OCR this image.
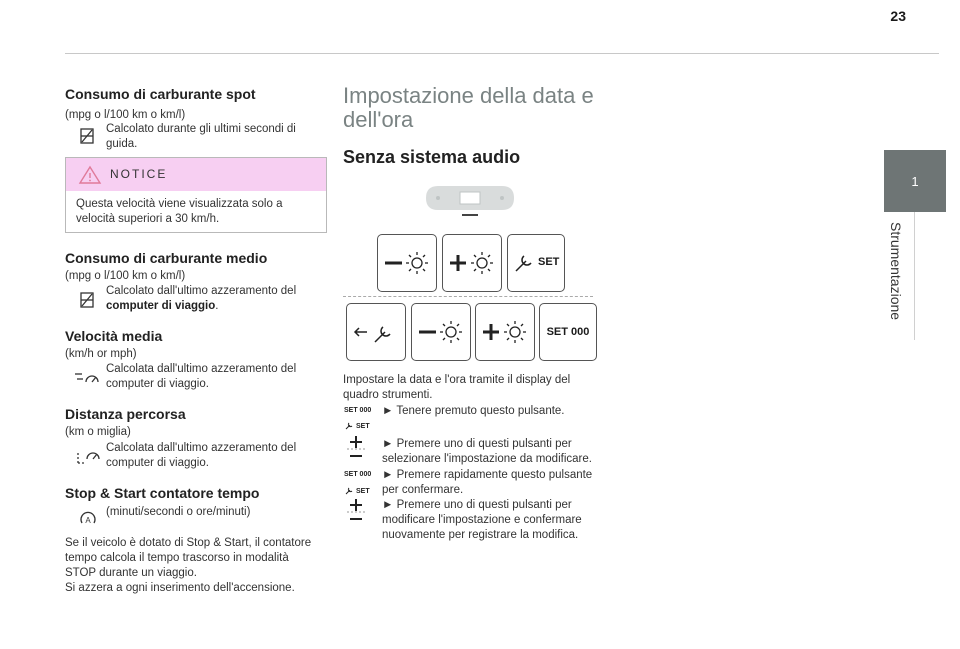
23
1
Strumentazione
Consumo di carburante spot
(mpg o l/100 km o km/l)
Calcolato durante gli ultimi secondi di guida.
NOTICE
Questa velocità viene visualizzata solo a velocità superiori a 30 km/h.
Consumo di carburante medio
(mpg o l/100 km o km/l)
Calcolato dall'ultimo azzeramento del computer di viaggio.
Velocità media
(km/h or mph)
Calcolata dall'ultimo azzeramento del computer di viaggio.
Distanza percorsa
(km o miglia)
Calcolata dall'ultimo azzeramento del computer di viaggio.
Stop & Start contatore tempo
A
(minuti/secondi o ore/minuti)
Se il veicolo è dotato di Stop & Start, il contatore
tempo calcola il tempo trascorso in modalità
STOP durante un viaggio.
Si azzera a ogni inserimento dell'accensione.
Impostazione della data e dell'ora
Senza sistema audio
SET
SET 000
Impostare la data e l'ora tramite il display del quadro strumenti.
SET 000
SET
SET 000
SET
► Tenere premuto questo pulsante.
► Premere uno di questi pulsanti per selezionare l'impostazione da modificare.
► Premere rapidamente questo pulsante per confermare.
► Premere uno di questi pulsanti per modificare l'impostazione e confermare nuovamente per registrare la modifica.
